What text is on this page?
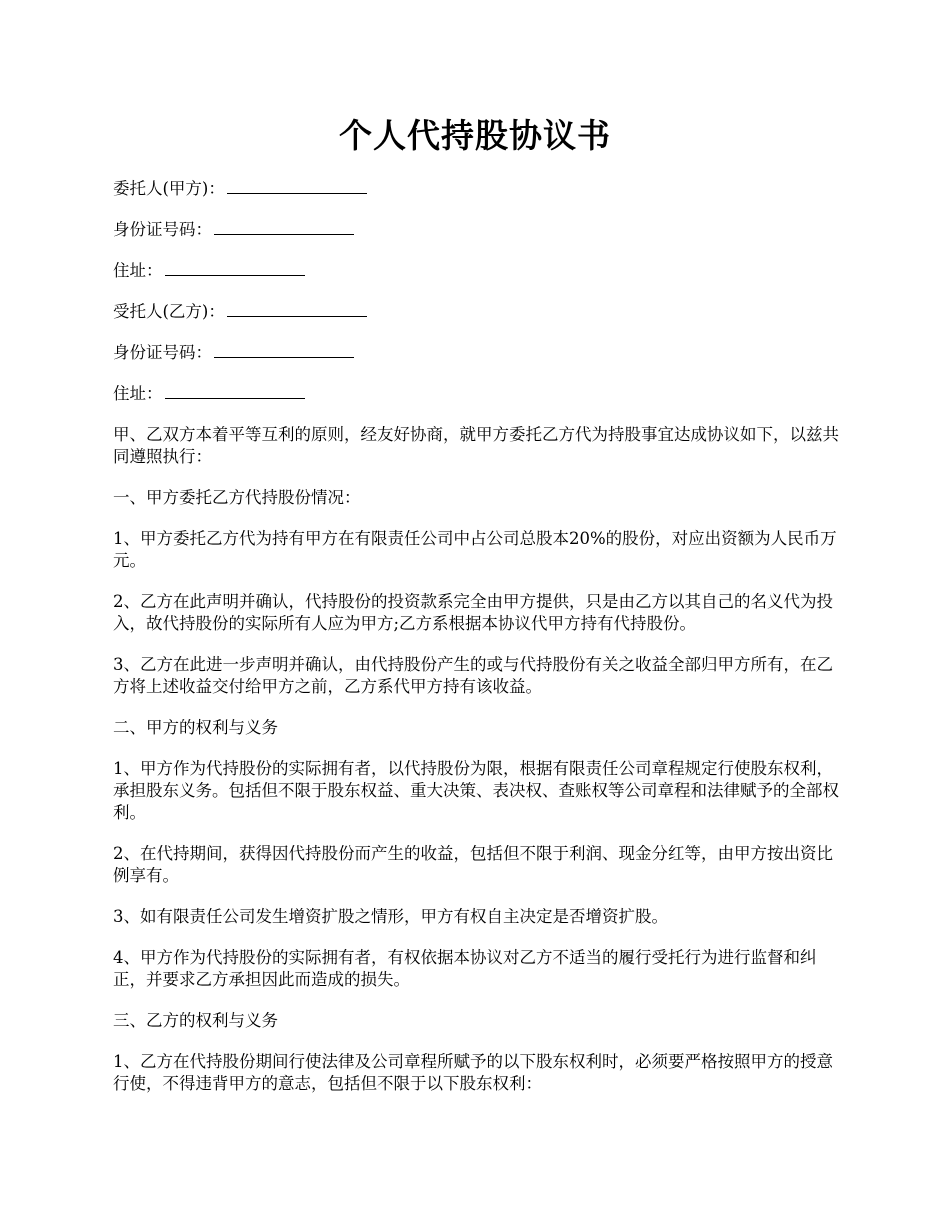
个人代持股协议书

委托人(甲方)：

身份证号码：

住址：

受托人(乙方)：

身份证号码：

住址：

甲、乙双方本着平等互利的原则，经友好协商，就甲方委托乙方代为持股事宜达成协议如下，以兹共同遵照执行：

一、甲方委托乙方代持股份情况：

1、甲方委托乙方代为持有甲方在有限责任公司中占公司总股本20%的股份，对应出资额为人民币万元。

2、乙方在此声明并确认，代持股份的投资款系完全由甲方提供，只是由乙方以其自己的名义代为投入，故代持股份的实际所有人应为甲方;乙方系根据本协议代甲方持有代持股份。

3、乙方在此进一步声明并确认，由代持股份产生的或与代持股份有关之收益全部归甲方所有，在乙方将上述收益交付给甲方之前，乙方系代甲方持有该收益。

二、甲方的权利与义务

1、甲方作为代持股份的实际拥有者，以代持股份为限，根据有限责任公司章程规定行使股东权利，承担股东义务。包括但不限于股东权益、重大决策、表决权、查账权等公司章程和法律赋予的全部权利。

2、在代持期间，获得因代持股份而产生的收益，包括但不限于利润、现金分红等，由甲方按出资比例享有。

3、如有限责任公司发生增资扩股之情形，甲方有权自主决定是否增资扩股。

4、甲方作为代持股份的实际拥有者，有权依据本协议对乙方不适当的履行受托行为进行监督和纠正，并要求乙方承担因此而造成的损失。

三、乙方的权利与义务

1、乙方在代持股份期间行使法律及公司章程所赋予的以下股东权利时，必须要严格按照甲方的授意行使，不得违背甲方的意志，包括但不限于以下股东权利：
